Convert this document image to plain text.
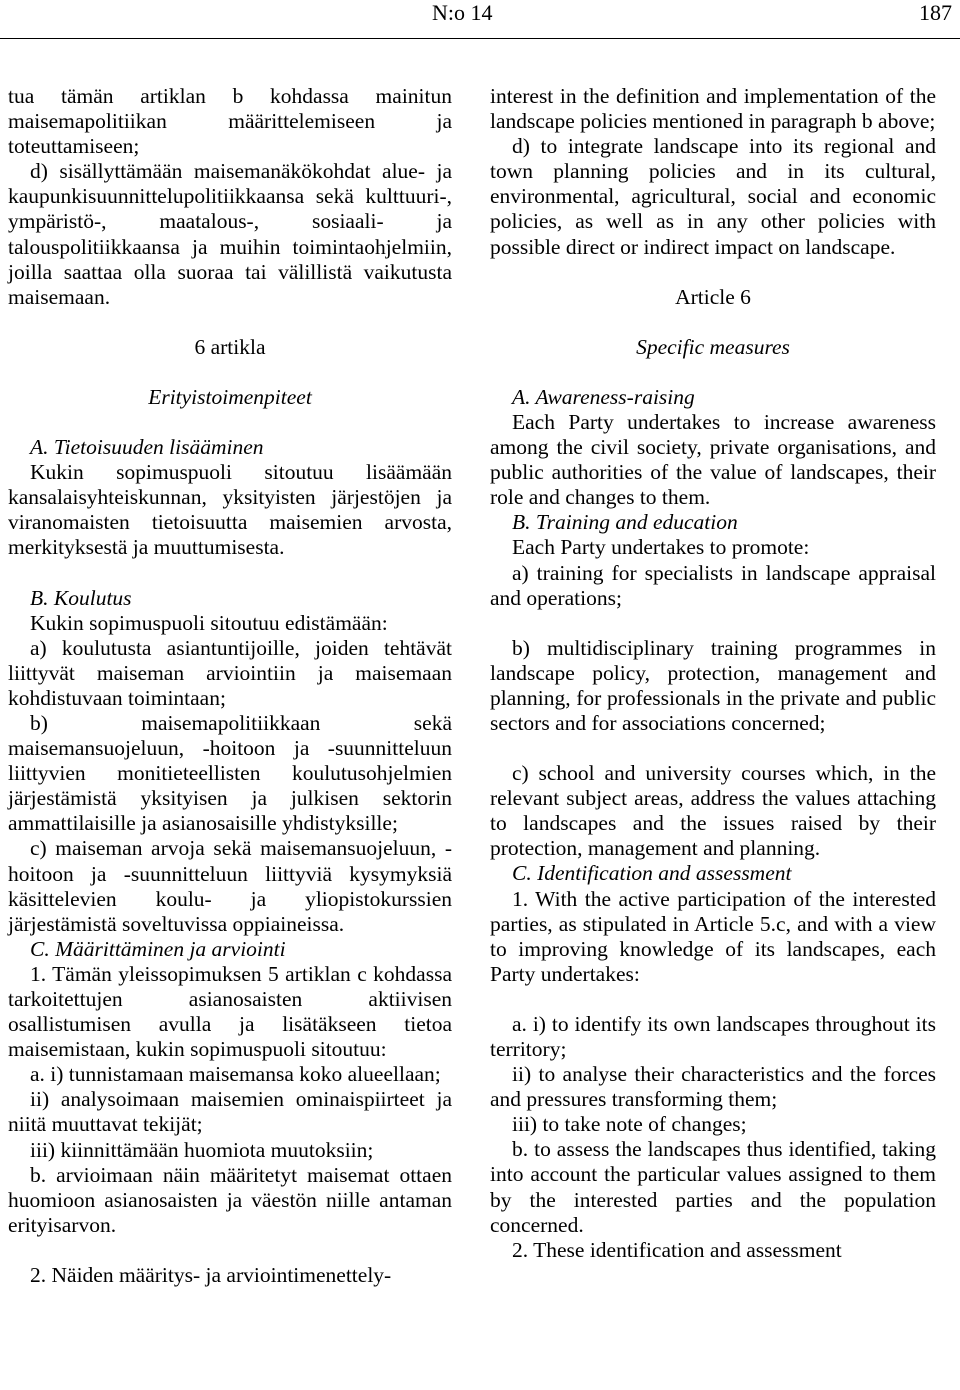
N:o 14	187

tua tämän artiklan b kohdassa mainitun maisemapolitiikan määrittelemiseen ja toteuttamiseen;

d) sisällyttämään maisemanäkökohdat alue- ja kaupunkisuunnittelupolitiikkaansa sekä kulttuuri-, ympäristö-, maatalous-, sosiaali- ja talouspolitiikkaansa ja muihin toimintaohjelmiin, joilla saattaa olla suoraa tai välillistä vaikutusta maisemaan.

6 artikla

Erityistoimenpiteet

A. Tietoisuuden lisääminen

Kukin sopimuspuoli sitoutuu lisäämään kansalaisyhteiskunnan, yksityisten järjestöjen ja viranomaisten tietoisuutta maisemien arvosta, merkityksestä ja muuttumisesta.

B. Koulutus

Kukin sopimuspuoli sitoutuu edistämään:

a) koulutusta asiantuntijoille, joiden tehtävät liittyvät maiseman arviointiin ja maisemaan kohdistuvaan toimintaan;

b) maisemapolitiikkaan sekä maisemansuojeluun, -hoitoon ja -suunnitteluun liittyvien monitieteellisten koulutusohjelmien järjestämistä yksityisen ja julkisen sektorin ammattilaisille ja asianosaisille yhdistyksille;

c) maiseman arvoja sekä maisemansuojeluun, -hoitoon ja -suunnitteluun liittyviä kysymyksiä käsittelevien koulu- ja yliopistokurssien järjestämistä soveltuvissa oppiaineissa.

C. Määrittäminen ja arviointi

1. Tämän yleissopimuksen 5 artiklan c kohdassa tarkoitettujen asianosaisten aktiivisen osallistumisen avulla ja lisätäkseen tietoa maisemistaan, kukin sopimuspuoli sitoutuu:

a. i) tunnistamaan maisemansa koko alueellaan;

ii) analysoimaan maisemien ominaispiirteet ja niitä muuttavat tekijät;

iii) kiinnittämään huomiota muutoksiin;

b. arvioimaan näin määritetyt maisemat ottaen huomioon asianosaisten ja väestön niille antaman erityisarvon.

2. Näiden määritys- ja arviointimenettely-

interest in the definition and implementation of the landscape policies mentioned in paragraph b above;

d) to integrate landscape into its regional and town planning policies and in its cultural, environmental, agricultural, social and economic policies, as well as in any other policies with possible direct or indirect impact on landscape.

Article 6

Specific measures

A. Awareness-raising

Each Party undertakes to increase awareness among the civil society, private organisations, and public authorities of the value of landscapes, their role and changes to them.

B. Training and education

Each Party undertakes to promote:

a) training for specialists in landscape appraisal and operations;

b) multidisciplinary training programmes in landscape policy, protection, management and planning, for professionals in the private and public sectors and for associations concerned;

c) school and university courses which, in the relevant subject areas, address the values attaching to landscapes and the issues raised by their protection, management and planning.

C. Identification and assessment

1. With the active participation of the interested parties, as stipulated in Article 5.c, and with a view to improving knowledge of its landscapes, each Party undertakes:

a. i) to identify its own landscapes throughout its territory;

ii) to analyse their characteristics and the forces and pressures transforming them;

iii) to take note of changes;

b. to assess the landscapes thus identified, taking into account the particular values assigned to them by the interested parties and the population concerned.

2. These identification and assessment
